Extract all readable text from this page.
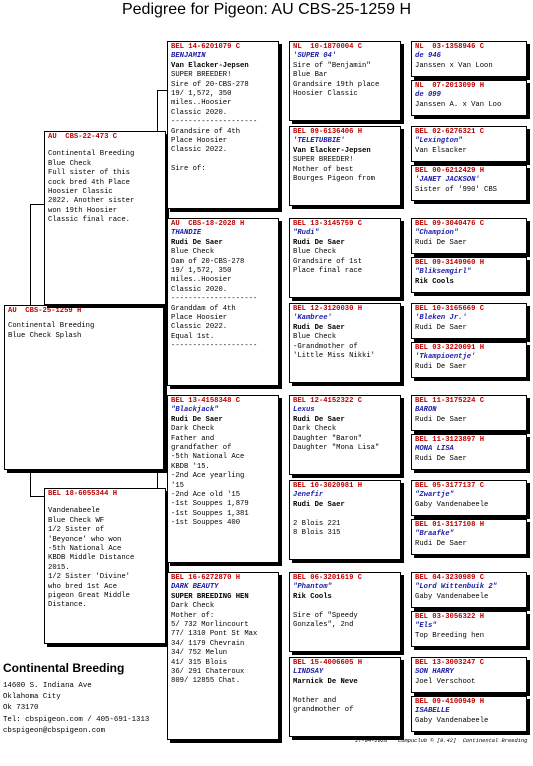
Pedigree for Pigeon: AU CBS-25-1259 H
AU  CBS-25-1259 H
Continental Breeding
Blue Check Splash
AU  CBS-22-473 C
Continental Breeding
Blue Check
Full sister of this
cock bred 4th Place
Hoosier Classic
2022. Another sister
won 19th Hoosier
Classic final race.
BEL 18-6055344 H
Vandenabeele
Blue Check WF
1/2 Sister of
'Beyonce' who won
-5th National Ace
KBDB Middle Distance
2015.
1/2 Sister 'Divine'
who bred 1st Ace
pigeon Great Middle
Distance.
BEL 14-6201079 C
BENJAMIN
Van Elacker-Jepsen
SUPER BREEDER!
Sire of 20-CBS-278
19/ 1,572, 350
miles..Hoosier
Classic 2020.
--------------------
Grandsire of 4th
Place Hoosier
Classic 2022.
Sire of:
AU  CBS-18-2028 H
THANDIE
Rudi De Saer
Blue Check
Dam of 20-CBS-278
19/ 1,572, 350
miles..Hoosier
Classic 2020.
--------------------
Granddam of 4th
Place Hoosier
Classic 2022.
Equal 1st.
--------------------
BEL 13-4158348 C
"Blackjack"
Rudi De Saer
Dark Check
Father and
grandfather of
-5th National Ace
KBDB '15.
-2nd Ace yearling
'15
-2nd Ace old '15
-1st Souppes 1,879
-1st Souppes 1,381
-1st Souppes 400
BEL 16-6272870 H
DARK BEAUTY
SUPER BREEDING HEN
Dark Check
Mother of:
5/ 732 Morlincourt
77/ 1310 Pont St Max
34/ 1179 Chevrain
34/ 752 Melun
41/ 315 Blois
36/ 291 Chateroux
809/ 12855 Chat.
NL  10-1870004 C
'SUPER 04'
Sire of "Benjamin"
Blue Bar
Grandsire 19th place
Hoosier Classic
BEL 09-6136406 H
'TELETUBBIE'
Van Elacker-Jepsen
SUPER BREEDER!
Mother of best
Bourges Pigeon from
BEL 13-3145759 C
"Rudi"
Rudi De Saer
Blue Check
Grandsire of 1st
Place final race
BEL 12-3120030 H
'Kambree'
Rudi De Saer
Blue Check
-Grandmother of
'Little Miss Nikki'
BEL 12-4152322 C
Lexus
Rudi De Saer
Dark Check
Daughter "Baron"
Daughter "Mona Lisa"
BEL 10-3020981 H
Jenefir
Rudi De Saer
2 Blois 221
8 Blois 315
BEL 06-3201619 C
"Phantom"
Rik Cools
Sire of "Speedy
Gonzales", 2nd
BEL 15-4006605 H
LINDSAY
Marnick De Neve
Mother and
grandmother of
NL  03-1358946 C
de 946
Janssen x Van Loon
NL  07-2013099 H
de 099
Janssen A. x Van Loo
BEL 02-6276321 C
"Lexington"
Van Elsacker
BEL 00-6212429 H
'JANET JACKSON'
Sister of '990' CBS
BEL 09-3040476 C
"Champion"
Rudi De Saer
BEL 09-3149960 H
"Bliksemgirl"
Rik Cools
BEL 10-3165669 C
'Bleken Jr.'
Rudi De Saer
BEL 03-3220091 H
'Tkampioentje'
Rudi De Saer
BEL 11-3175224 C
BARON
Rudi De Saer
BEL 11-3123897 H
MONA LISA
Rudi De Saer
BEL 05-3177137 C
"Zwartje"
Gaby Vandenabeele
BEL 01-3117108 H
"Braafke"
Rudi De Saer
BEL 04-3230989 C
"Lord Wittenbuik 2"
Gaby Vandenabeele
BEL 03-3056322 H
"Els"
Top Breeding hen
BEL 13-3003247 C
SON HARRY
Joel Verschoot
BEL 09-4100949 H
ISABELLE
Gaby Vandenabeele
Continental Breeding
14600 S. Indiana Ave
Oklahoma City
Ok 73170
Tel: cbspigeon.com / 405-691-1313
cbspigeon@cbspigeon.com
27-04-2026 Compuclub © [9.42]  Continental Breeding
